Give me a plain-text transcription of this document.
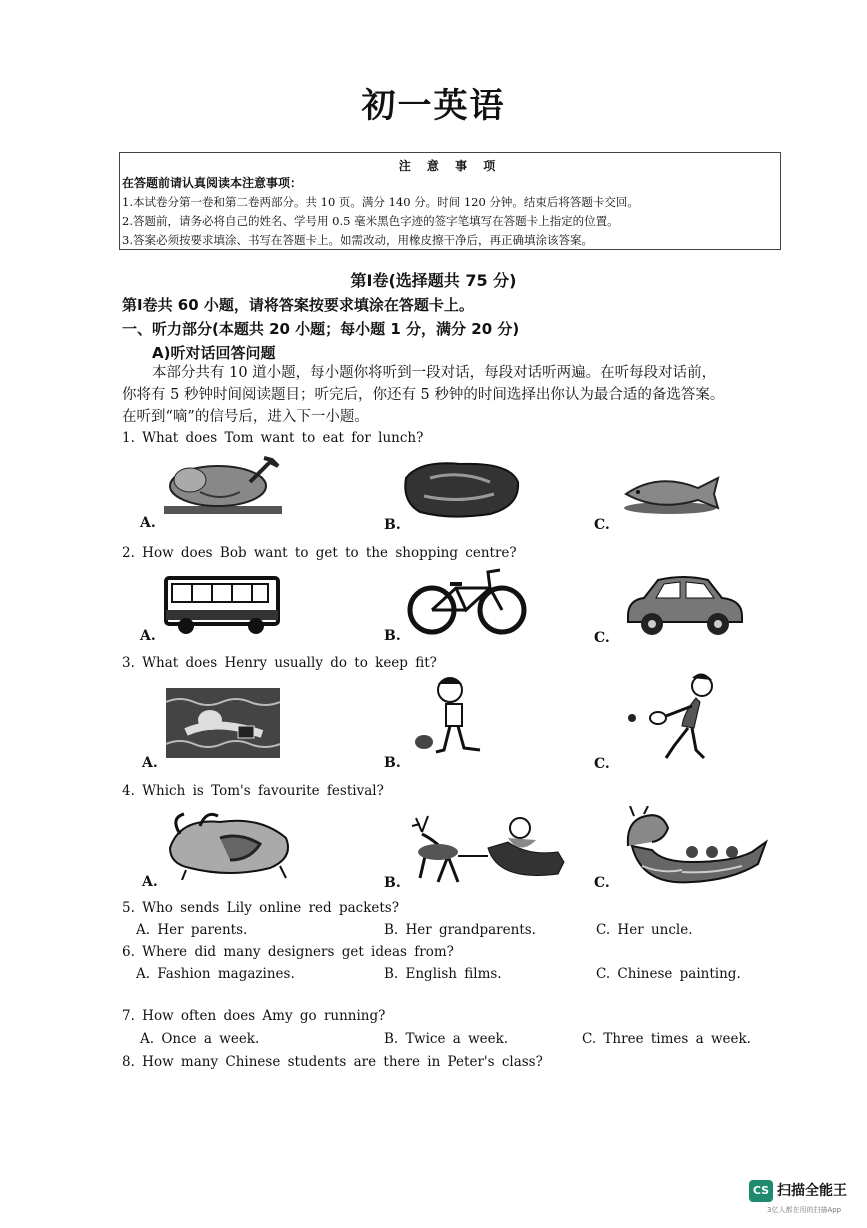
初一英语
注 意 事 项
在答题前请认真阅读本注意事项：
1.本试卷分第一卷和第二卷两部分。共 10 页。满分 140 分。时间 120 分钟。结束后将答题卡交回。
2.答题前，请务必将自己的姓名、学号用 0.5 毫米黑色字迹的签字笔填写在答题卡上指定的位置。
3.答案必须按要求填涂、书写在答题卡上。如需改动，用橡皮擦干净后，再正确填涂该答案。
第Ⅰ卷(选择题共 75 分)
第Ⅰ卷共 60 小题，请将答案按要求填涂在答题卡上。
一、听力部分(本题共 20 小题；每小题 1 分，满分 20 分)
A)听对话回答问题
本部分共有 10 道小题，每小题你将听到一段对话，每段对话听两遍。在听每段对话前，
你将有 5 秒钟时间阅读题目；听完后，你还有 5 秒钟的时间选择出你认为最合适的备选答案。
在听到“嘀”的信号后，进入下一小题。
1. What does Tom want to eat for lunch?
A.	B.	C.
2. How does Bob want to get to the shopping centre?
A.	B.	C.
3. What does Henry usually do to keep fit?
A.	B.	C.
4. Which is Tom's favourite festival?
A.	B.	C.
5. Who sends Lily online red packets?
A. Her parents.	B. Her grandparents.	C. Her uncle.
6. Where did many designers get ideas from?
A. Fashion magazines.	B. English films.	C. Chinese painting.
7. How often does Amy go running?
A. Once a week.	B. Twice a week.	C. Three times a week.
8. How many Chinese students are there in Peter's class?
CS 扫描全能王
3亿人都在用的扫描App
